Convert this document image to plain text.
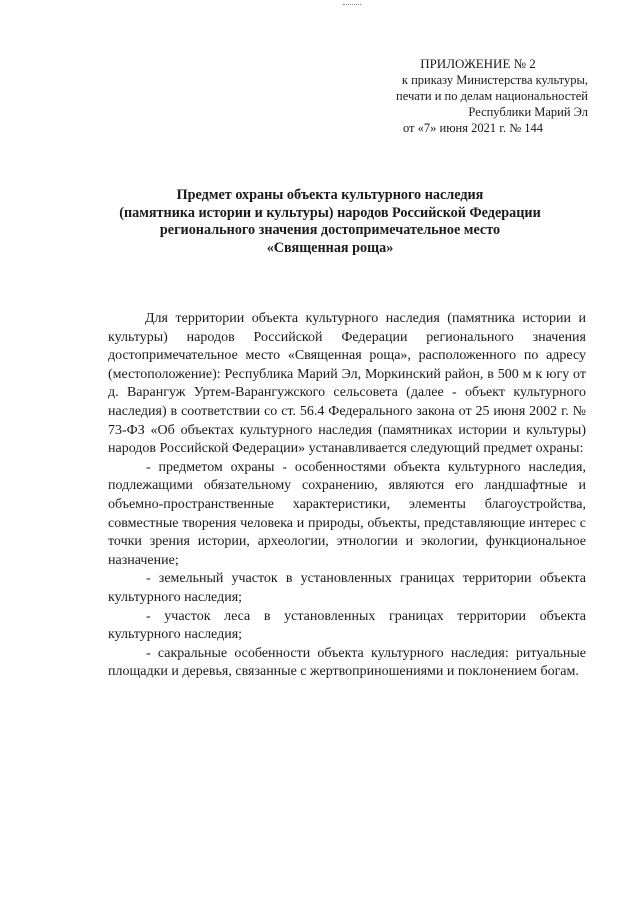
ПРИЛОЖЕНИЕ № 2
к приказу Министерства культуры,
печати и по делам национальностей
Республики Марий Эл
от «7» июня 2021 г. № 144
Предмет охраны объекта культурного наследия
(памятника истории и культуры) народов Российской Федерации
регионального значения достопримечательное место
«Священная роща»

Для территории объекта культурного наследия (памятника истории и культуры) народов Российской Федерации регионального значения достопримечательное место «Священная роща», расположенного по адресу (местоположение): Республика Марий Эл, Моркинский район, в 500 м к югу от д. Варангуж Уртем-Варангужского сельсовета (далее - объект культурного наследия) в соответствии со ст. 56.4 Федерального закона от 25 июня 2002 г. № 73-ФЗ «Об объектах культурного наследия (памятниках истории и культуры) народов Российской Федерации» устанавливается следующий предмет охраны:

- предметом охраны - особенностями объекта культурного наследия, подлежащими обязательному сохранению, являются его ландшафтные и объемно-пространственные характеристики, элементы благоустройства, совместные творения человека и природы, объекты, представляющие интерес с точки зрения истории, археологии, этнологии и экологии, функциональное назначение;

- земельный участок в установленных границах территории объекта культурного наследия;

- участок леса в установленных границах территории объекта культурного наследия;

- сакральные особенности объекта культурного наследия: ритуальные площадки и деревья, связанные с жертвоприношениями и поклонением богам.
